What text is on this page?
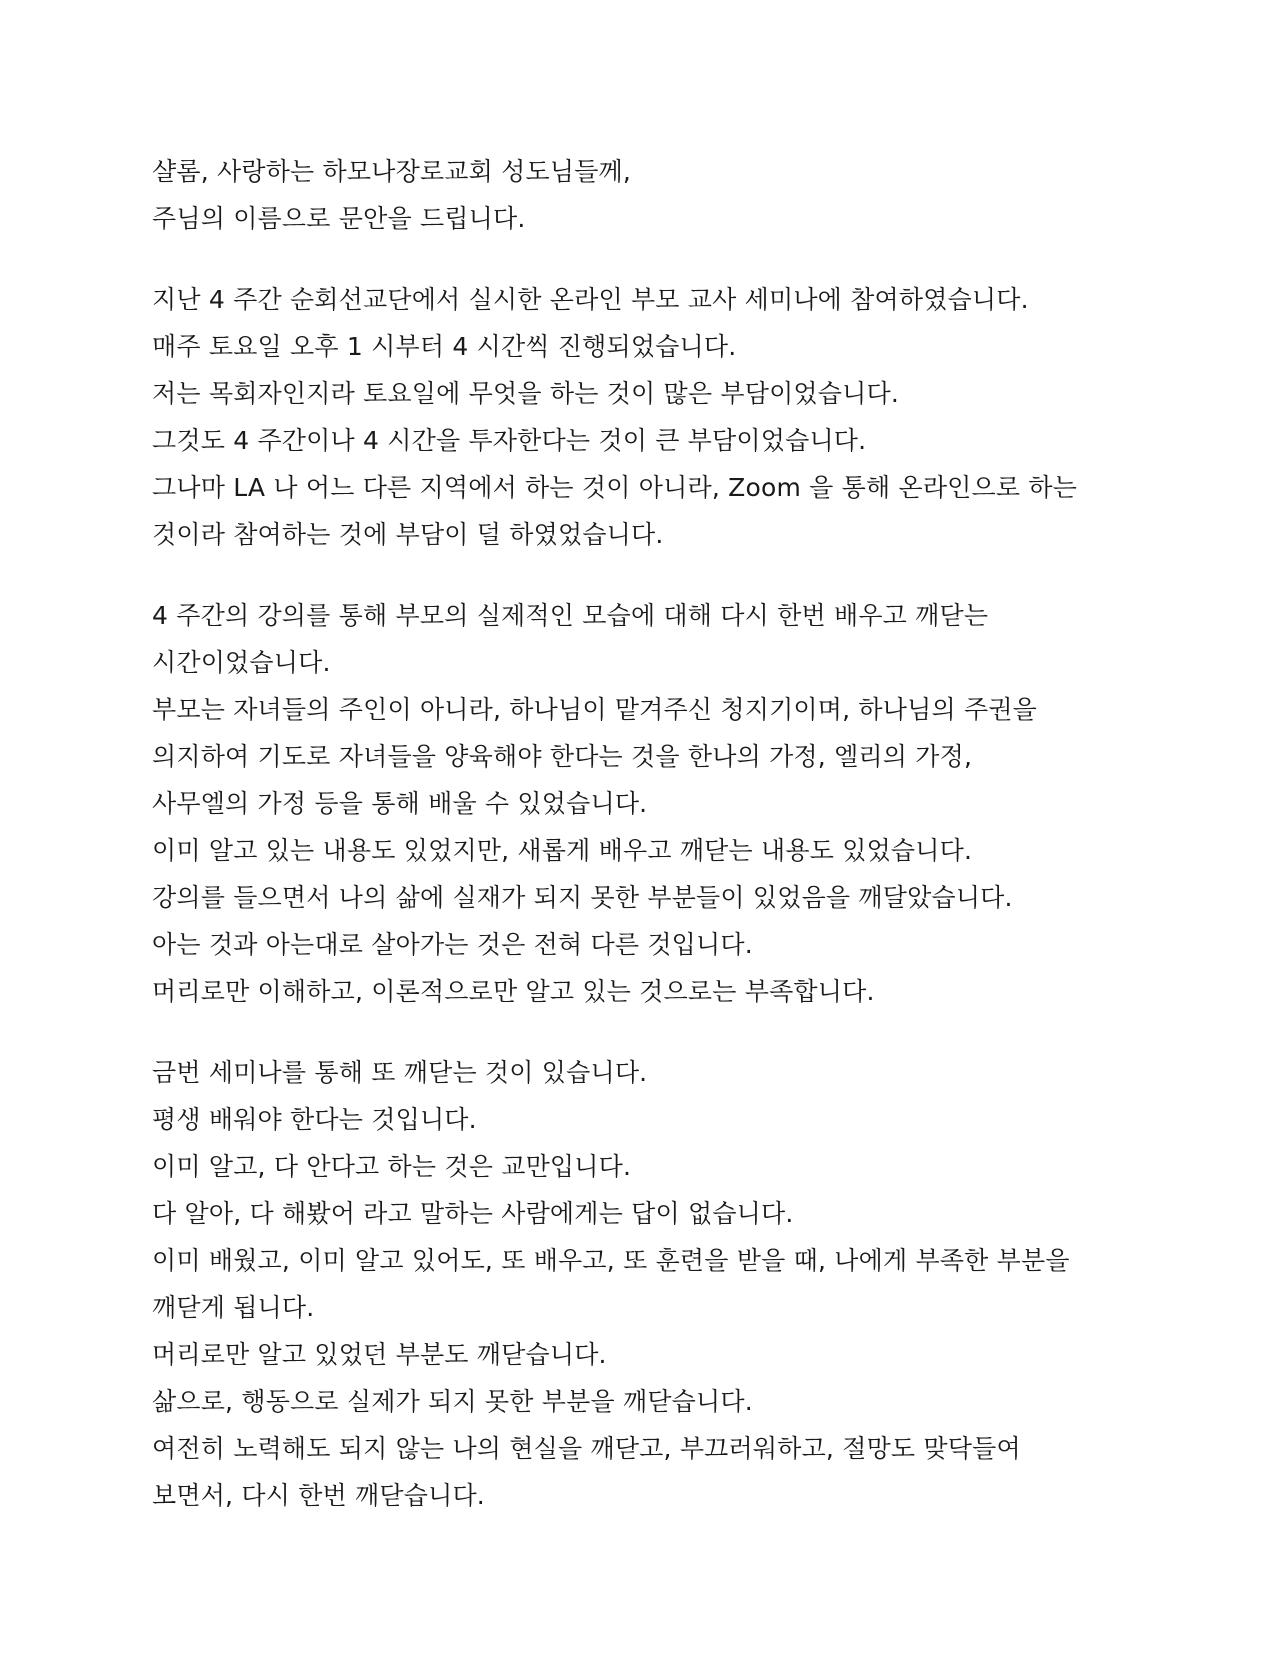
샬롬, 사랑하는 하모나장로교회 성도님들께,
주님의 이름으로 문안을 드립니다.
지난 4 주간 순회선교단에서 실시한 온라인 부모 교사 세미나에 참여하였습니다.
매주 토요일 오후 1 시부터 4 시간씩 진행되었습니다.
저는 목회자인지라 토요일에 무엇을 하는 것이 많은 부담이었습니다.
그것도 4 주간이나 4 시간을 투자한다는 것이 큰 부담이었습니다.
그나마 LA 나 어느 다른 지역에서 하는 것이 아니라, Zoom 을 통해 온라인으로 하는
것이라 참여하는 것에 부담이 덜 하였었습니다.
4 주간의 강의를 통해 부모의 실제적인 모습에 대해 다시 한번 배우고 깨닫는
시간이었습니다.
부모는 자녀들의 주인이 아니라, 하나님이 맡겨주신 청지기이며, 하나님의 주권을
의지하여 기도로 자녀들을 양육해야 한다는 것을 한나의 가정, 엘리의 가정,
사무엘의 가정 등을 통해 배울 수 있었습니다.
이미 알고 있는 내용도 있었지만, 새롭게 배우고 깨닫는 내용도 있었습니다.
강의를 들으면서 나의 삶에 실재가 되지 못한 부분들이 있었음을 깨달았습니다.
아는 것과 아는대로 살아가는 것은 전혀 다른 것입니다.
머리로만 이해하고, 이론적으로만 알고 있는 것으로는 부족합니다.
금번 세미나를 통해 또 깨닫는 것이 있습니다.
평생 배워야 한다는 것입니다.
이미 알고, 다 안다고 하는 것은 교만입니다.
다 알아, 다 해봤어 라고 말하는 사람에게는 답이 없습니다.
이미 배웠고, 이미 알고 있어도, 또 배우고, 또 훈련을 받을 때, 나에게 부족한 부분을
깨닫게 됩니다.
머리로만 알고 있었던 부분도 깨닫습니다.
삶으로, 행동으로 실제가 되지 못한 부분을 깨닫습니다.
여전히 노력해도 되지 않는 나의 현실을 깨닫고, 부끄러워하고, 절망도 맞닥들여
보면서, 다시 한번 깨닫습니다.
